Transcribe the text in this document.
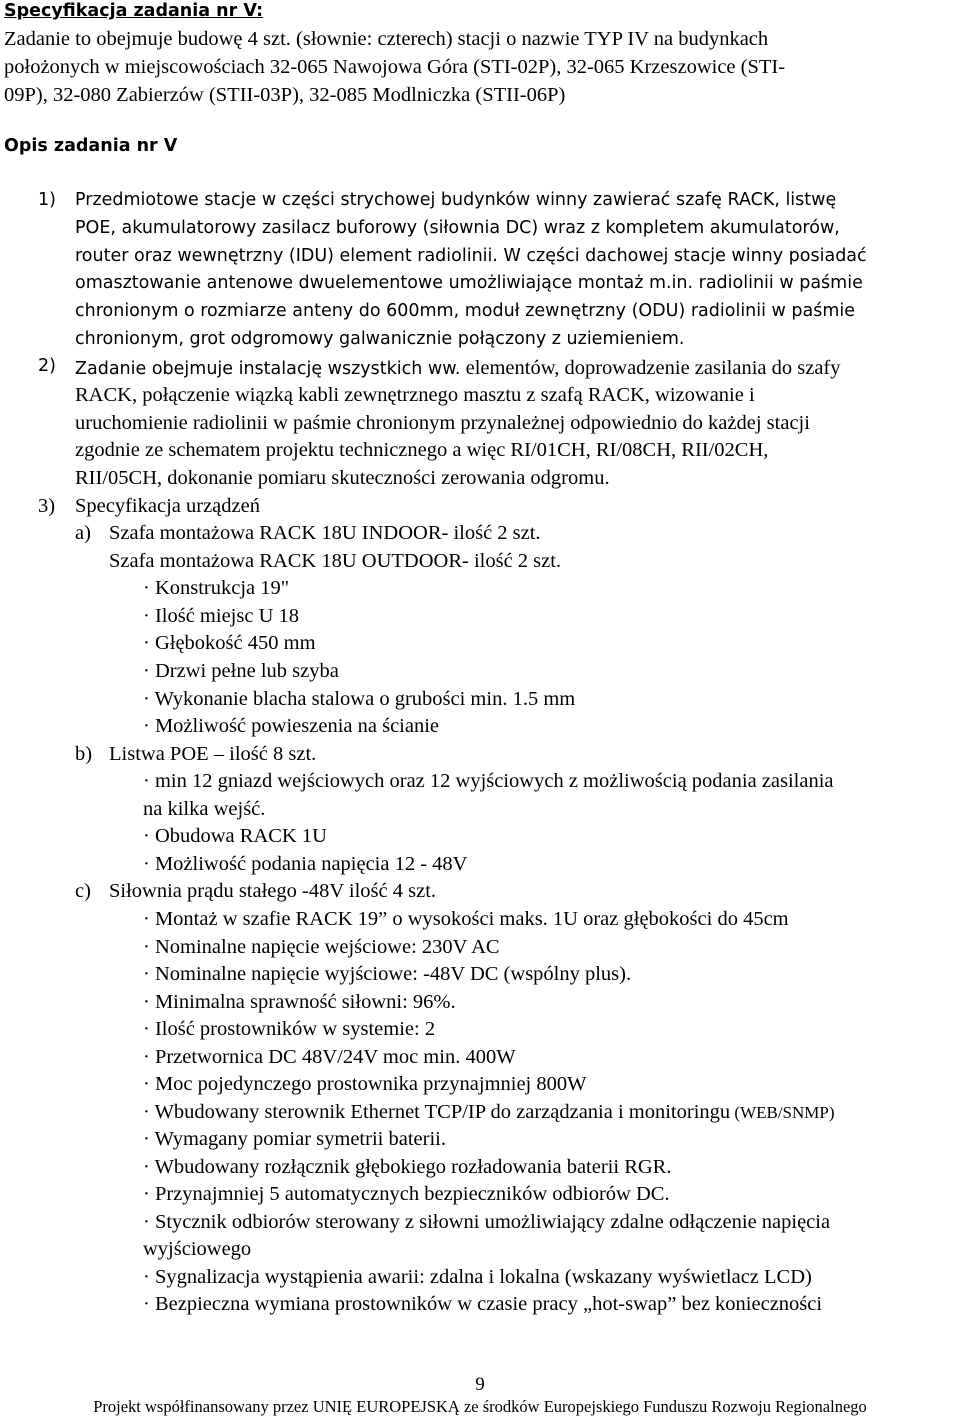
Specyfikacja zadania nr V:
Zadanie to obejmuje budowę 4 szt. (słownie: czterech) stacji o nazwie TYP IV na budynkach
położonych w miejscowościach 32-065 Nawojowa Góra (STI-02P), 32-065 Krzeszowice (STI-
09P), 32-080 Zabierzów (STII-03P), 32-085 Modlniczka (STII-06P)
Opis zadania nr V
1) Przedmiotowe stacje w części strychowej budynków winny zawierać szafę RACK, listwę
POE, akumulatorowy zasilacz buforowy (siłownia DC) wraz z kompletem akumulatorów,
router oraz wewnętrzny (IDU) element radiolinii. W części dachowej stacje winny posiadać
omasztowanie antenowe dwuelementowe umożliwiające montaż m.in. radiolinii w paśmie
chronionym o rozmiarze anteny do 600mm, moduł zewnętrzny (ODU) radiolinii w paśmie
chronionym, grot odgromowy galwanicznie połączony z uziemieniem.
2) Zadanie obejmuje instalację wszystkich ww. elementów, doprowadzenie zasilania do szafy
RACK, połączenie wiązką kabli zewnętrznego masztu z szafą RACK, wizowanie i
uruchomienie radiolinii w paśmie chronionym przynależnej odpowiednio do każdej stacji
zgodnie ze schematem projektu technicznego a więc RI/01CH, RI/08CH, RII/02CH,
RII/05CH, dokonanie pomiaru skuteczności zerowania odgromu.
3) Specyfikacja urządzeń
a) Szafa montażowa RACK 18U INDOOR- ilość 2 szt.
Szafa montażowa RACK 18U OUTDOOR- ilość 2 szt.
· Konstrukcja 19"
· Ilość miejsc U 18
· Głębokość 450 mm
· Drzwi pełne lub szyba
· Wykonanie blacha stalowa o grubości min. 1.5 mm
· Możliwość powieszenia na ścianie
b) Listwa POE – ilość 8 szt.
· min 12 gniazd wejściowych oraz 12 wyjściowych z możliwością podania zasilania
na kilka wejść.
· Obudowa RACK 1U
· Możliwość podania napięcia 12 - 48V
c) Siłownia prądu stałego -48V ilość 4 szt.
· Montaż w szafie RACK 19” o wysokości maks. 1U oraz głębokości do 45cm
· Nominalne napięcie wejściowe: 230V AC
· Nominalne napięcie wyjściowe: -48V DC (wspólny plus).
· Minimalna sprawność siłowni: 96%.
· Ilość prostowników w systemie: 2
· Przetwornica DC 48V/24V moc min. 400W
· Moc pojedynczego prostownika przynajmniej 800W
· Wbudowany sterownik Ethernet TCP/IP do zarządzania i monitoringu (WEB/SNMP)
· Wymagany pomiar symetrii baterii.
· Wbudowany rozłącznik głębokiego rozładowania baterii RGR.
· Przynajmniej 5 automatycznych bezpieczników odbiorów DC.
· Stycznik odbiorów sterowany z siłowni umożliwiający zdalne odłączenie napięcia
wyjściowego
· Sygnalizacja wystąpienia awarii: zdalna i lokalna (wskazany wyświetlacz LCD)
· Bezpieczna wymiana prostowników w czasie pracy „hot-swap” bez konieczności
9
Projekt współfinansowany przez UNIĘ EUROPEJSKĄ ze środków Europejskiego Funduszu Rozwoju Regionalnego
